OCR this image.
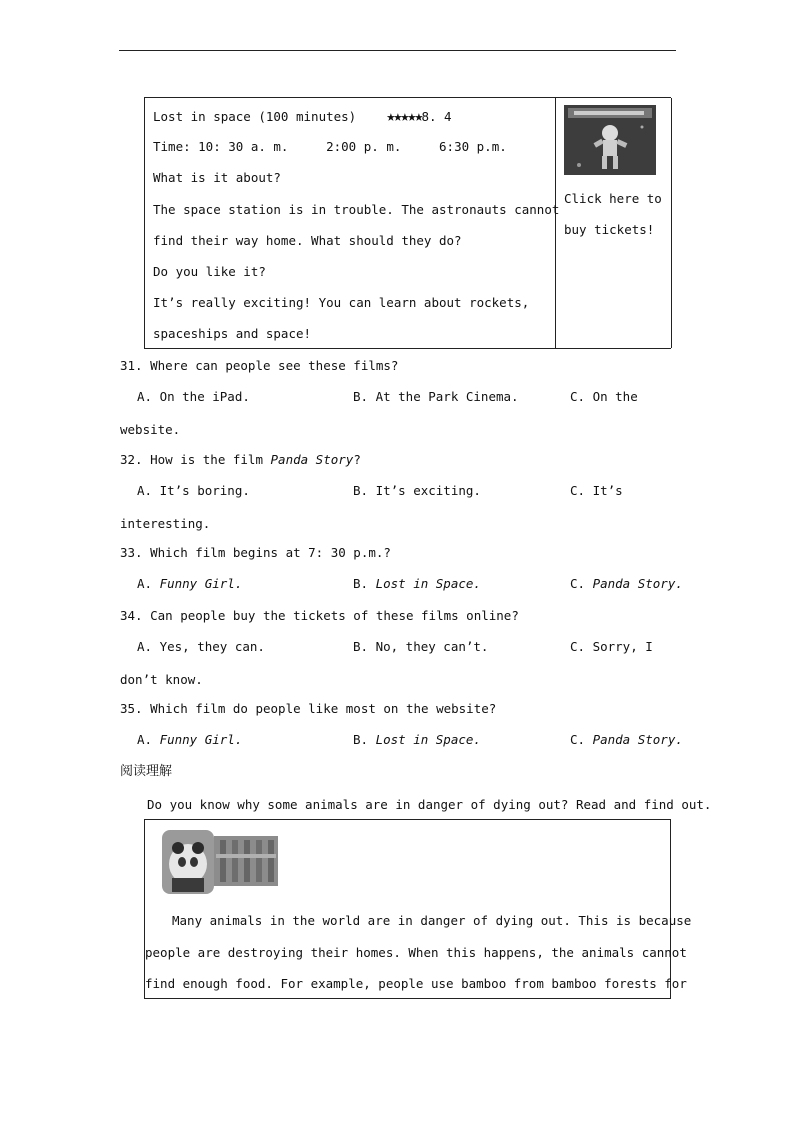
Lost in space (100 minutes) ★★★★★8. 4
Time: 10: 30 a. m.	2:00 p. m.	6:30 p.m.
What is it about?
The space station is in trouble. The astronauts cannot
find their way home. What should they do?
Do you like it?
It’s really exciting! You can learn about rockets,
spaceships and space!
Click here to
buy tickets!
31. Where can people see these films?
A. On the iPad.	B. At the Park Cinema.	C. On the
website.
32. How is the film Panda Story?
A. It’s boring.	B. It’s exciting.	C. It’s
interesting.
33. Which film begins at 7: 30 p.m.?
A. Funny Girl.	B. Lost in Space.	C. Panda Story.
34. Can people buy the tickets of these films online?
A. Yes, they can.	B. No, they can’t.	C. Sorry, I
don’t know.
35. Which film do people like most on the website?
A. Funny Girl.	B. Lost in Space.	C. Panda Story.
阅读理解
Do you know why some animals are in danger of dying out? Read and find out.
Many animals in the world are in danger of dying out. This is because
people are destroying their homes. When this happens, the animals cannot
find enough food. For example, people use bamboo from bamboo forests for
